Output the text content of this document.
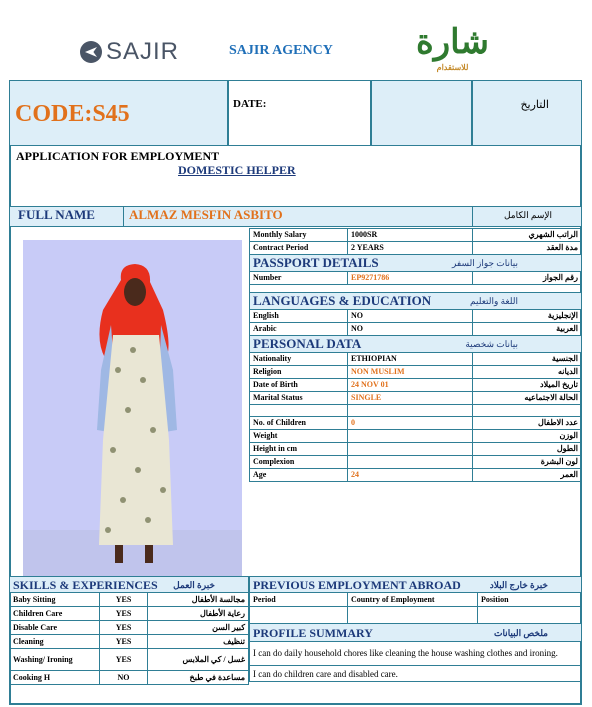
SAJIR	SAJIR AGENCY شارة
للاستقدام
CODE:S45	DATE:	التاريخ
APPLICATION FOR EMPLOYMENT
DOMESTIC HELPER
FULL NAME	ALMAZ MESFIN ASBITO	الإسم الكامل
Monthly Salary	1000SR	الراتب الشهري
Contract Period	2 YEARS	مدة العقد
PASSPORT DETAILS بيانات جواز السفر		

Number	EP9271786	رقم الجواز

LANGUAGES & EDUCATION اللغة والتعليم		

English	NO	الإنجليزية
Arabic	NO	العربية
PERSONAL DATA بيانات شخصية		

Nationality	ETHIOPIAN	الجنسية
Religion	NON MUSLIM	الديانه
Date of Birth	24 NOV 01	تاريخ الميلاد
Marital Status	SINGLE	الحالة الاجتماعيه

No. of Children	0	عدد الاطفال
Weight		الوزن
Height in cm		الطول
Complexion		لون البشرة
Age	24	العمر
SKILLS & EXPERIENCES خبرة العمل		

Baby Sitting	YES	مجالسة الأطفال
Children Care	YES	رعاية الأطفال
Disable Care	YES	كبير السن
Cleaning	YES	تنظيف
Washing/ Ironing	YES	غسل / كي الملابس
Cooking H	NO	مساعدة في طبخ
PREVIOUS EMPLOYMENT ABROAD خبرة خارج البلاد		

Period	Country of Employment	Position

PROFILE SUMMARY ملخص البيانات		

I can do daily household chores like cleaning the house washing clothes and ironing.		
I can do children care and disabled care.		
